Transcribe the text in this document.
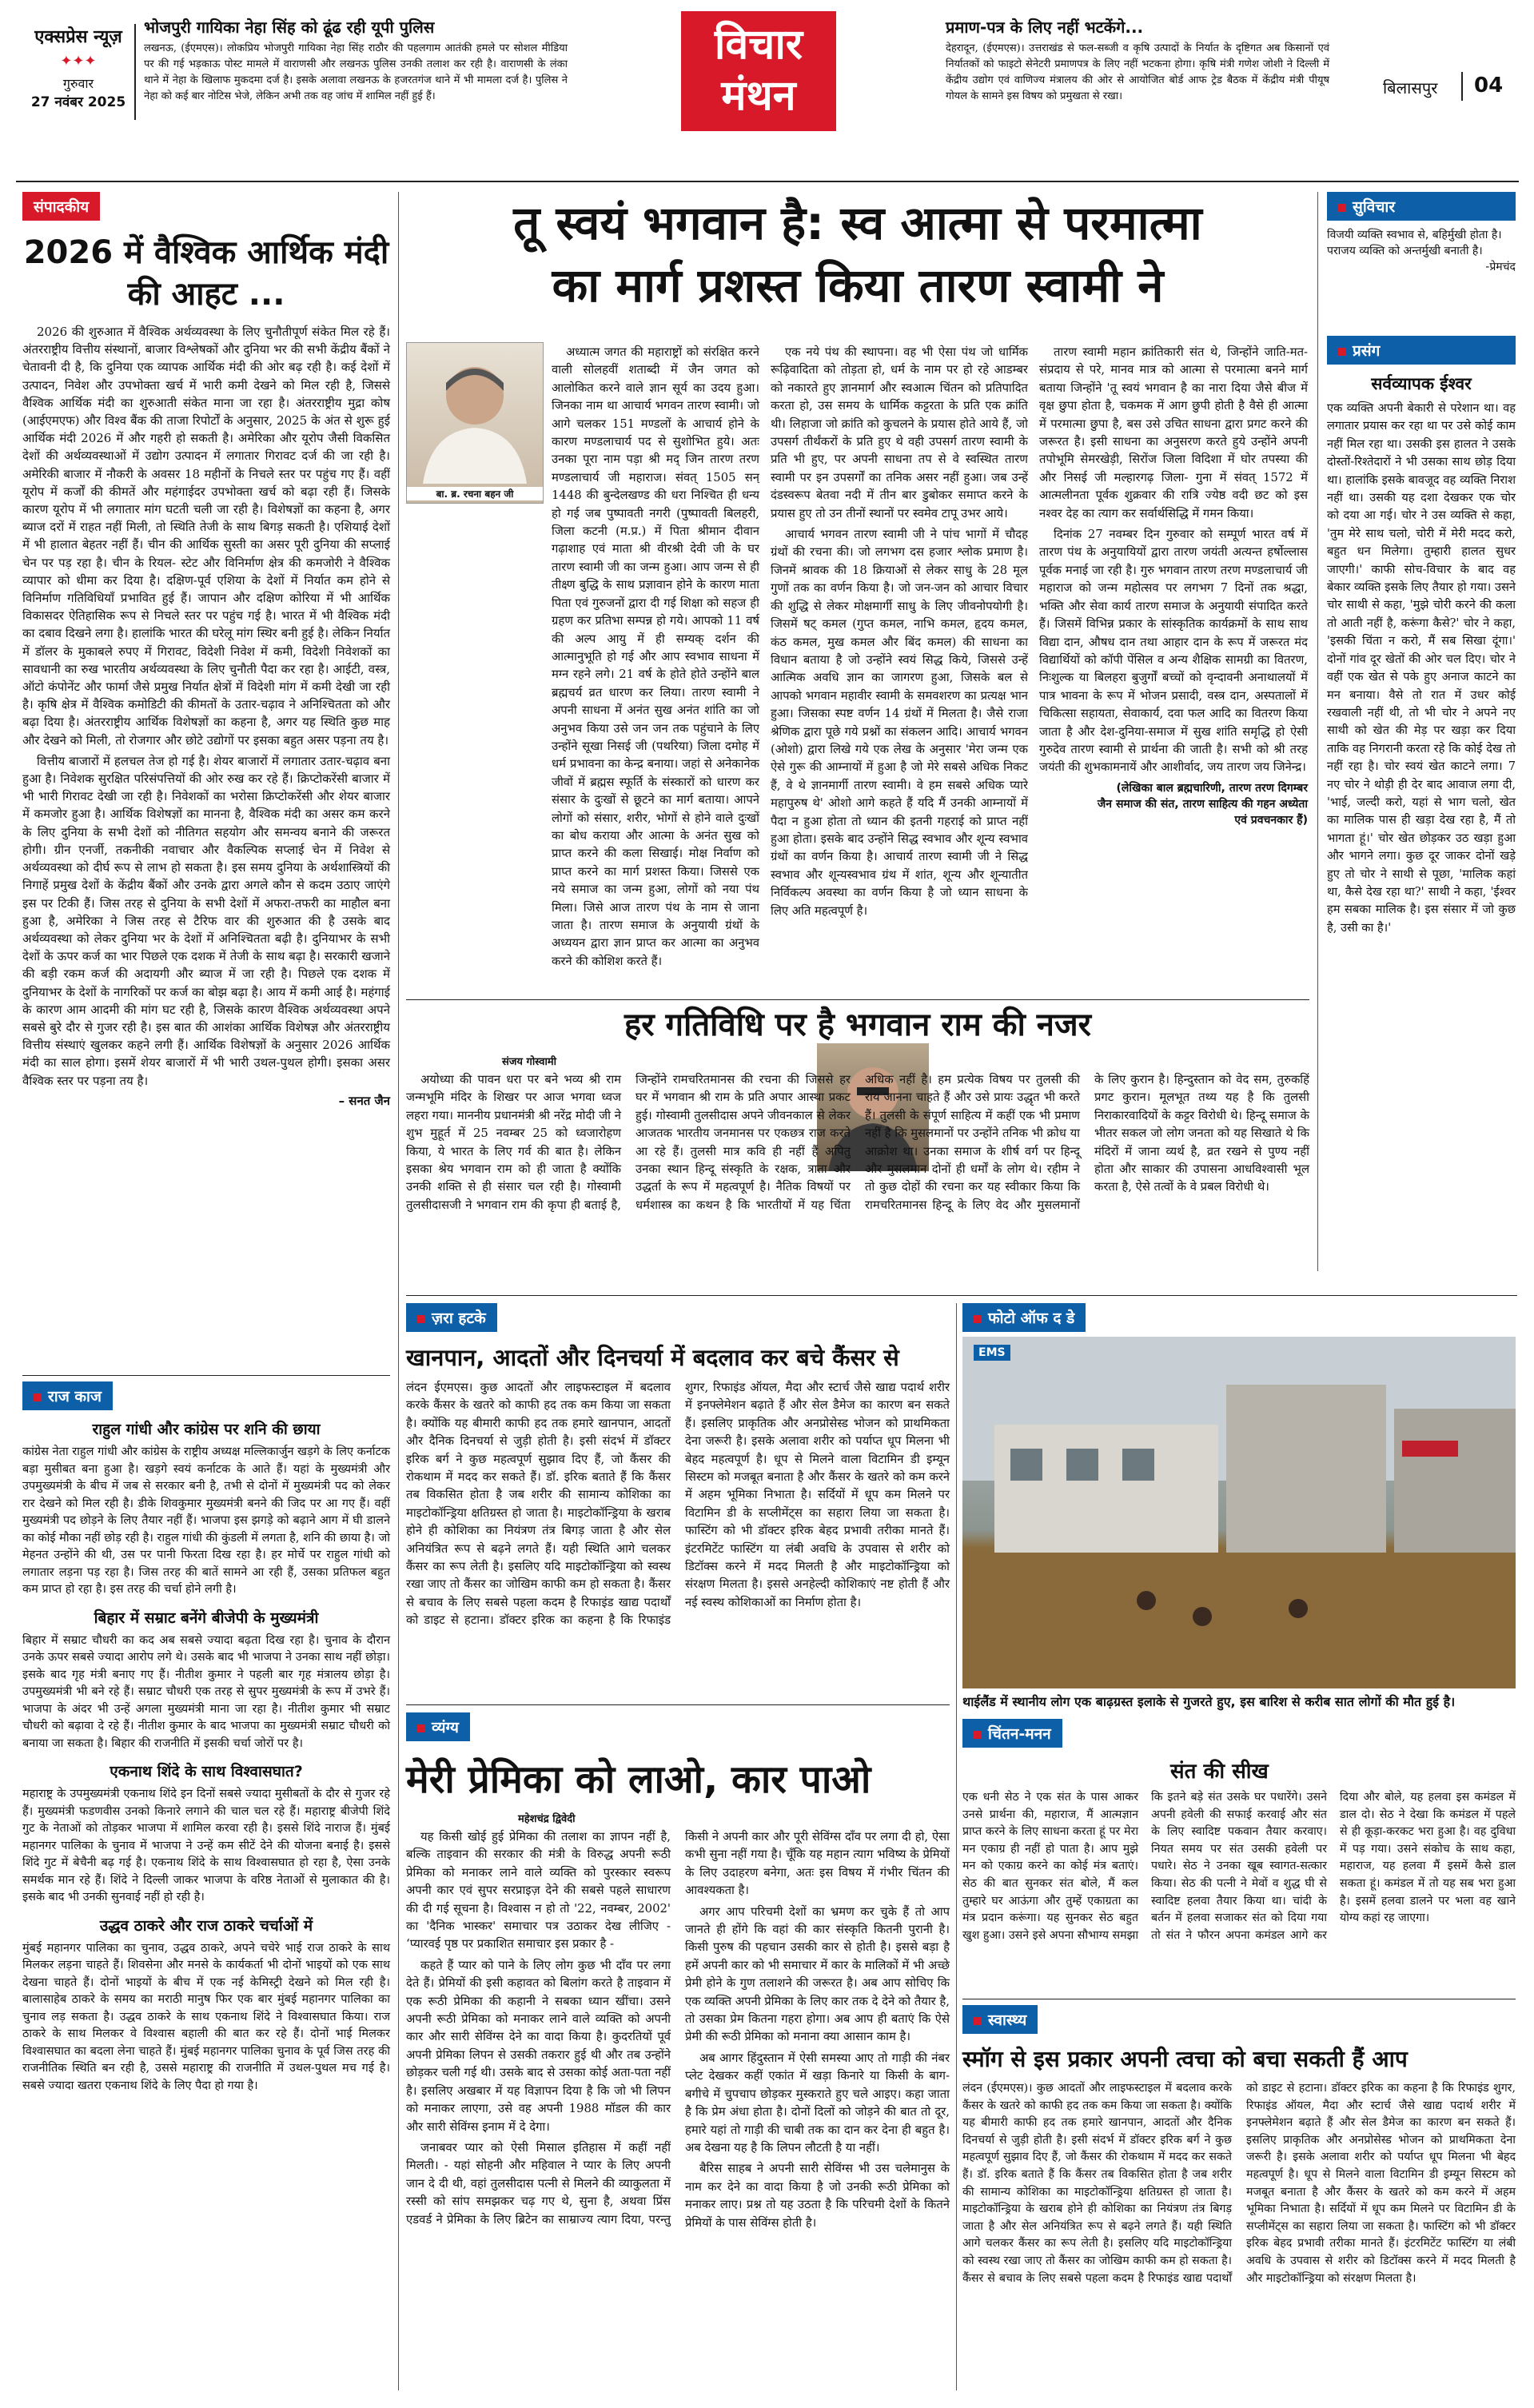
एक्सप्रेस न्यूज़
✦✦✦
गुरुवार
27 नवंबर 2025
भोजपुरी गायिका नेहा सिंह को ढूंढ रही यूपी पुलिस
लखनऊ, (ईएमएस)। लोकप्रिय भोजपुरी गायिका नेहा सिंह राठौर की पहलगाम आतंकी हमले पर सोशल मीडिया पर की गई भड़काऊ पोस्ट मामले में वाराणसी और लखनऊ पुलिस उनकी तलाश कर रही है। वाराणसी के लंका थाने में नेहा के खिलाफ मुकदमा दर्ज है। इसके अलावा लखनऊ के हजरतगंज थाने में भी मामला दर्ज है। पुलिस ने नेहा को कई बार नोटिस भेजे, लेकिन अभी तक वह जांच में शामिल नहीं हुई हैं।
विचार मंथन
प्रमाण-पत्र के लिए नहीं भटकेंगे...
देहरादून, (ईएमएस)। उत्तराखंड से फल-सब्जी व कृषि उत्पादों के निर्यात के दृष्टिगत अब किसानों एवं निर्यातकों को फाइटो सेनेटरी प्रमाणपत्र के लिए नहीं भटकना होगा। कृषि मंत्री गणेश जोशी ने दिल्ली में केंद्रीय उद्योग एवं वाणिज्य मंत्रालय की ओर से आयोजित बोर्ड आफ ट्रेड बैठक में केंद्रीय मंत्री पीयूष गोयल के सामने इस विषय को प्रमुखता से रखा।	बिलासपुर 04
संपादकीय
2026 में वैश्विक आर्थिक मंदी की आहट ...

2026 की शुरुआत में वैश्विक अर्थव्यवस्था के लिए चुनौतीपूर्ण संकेत मिल रहे हैं। अंतरराष्ट्रीय वित्तीय संस्थानों, बाजार विश्लेषकों और दुनिया भर की सभी केंद्रीय बैंकों ने चेतावनी दी है, कि दुनिया एक व्यापक आर्थिक मंदी की ओर बढ़ रही है। कई देशों में उत्पादन, निवेश और उपभोक्ता खर्च में भारी कमी देखने को मिल रही है, जिससे वैश्विक आर्थिक मंदी का शुरुआती संकेत माना जा रहा है। अंतरराष्ट्रीय मुद्रा कोष (आईएमएफ) और विश्व बैंक की ताजा रिपोर्टों के अनुसार, 2025 के अंत से शुरू हुई आर्थिक मंदी 2026 में और गहरी हो सकती है। अमेरिका और यूरोप जैसी विकसित देशों की अर्थव्यवस्थाओं में उद्योग उत्पादन में लगातार गिरावट दर्ज की जा रही है। अमेरिकी बाजार में नौकरी के अवसर 18 महीनों के निचले स्तर पर पहुंच गए हैं। वहीं यूरोप में कर्जों की कीमतें और महंगाईदर उपभोक्ता खर्च को बढ़ा रही हैं। जिसके कारण यूरोप में भी लगातार मांग घटती चली जा रही है। विशेषज्ञों का कहना है, अगर ब्याज दरों में राहत नहीं मिली, तो स्थिति तेजी के साथ बिगड़ सकती है। एशियाई देशों में भी हालात बेहतर नहीं हैं। चीन की आर्थिक सुस्ती का असर पूरी दुनिया की सप्लाई चेन पर पड़ रहा है। चीन के रियल- स्टेट और विनिर्माण क्षेत्र की कमजोरी ने वैश्विक व्यापार को धीमा कर दिया है। दक्षिण-पूर्व एशिया के देशों में निर्यात कम होने से विनिर्माण गतिविधियाँ प्रभावित हुई हैं। जापान और दक्षिण कोरिया में भी आर्थिक विकासदर ऐतिहासिक रूप से निचले स्तर पर पहुंच गई है। भारत में भी वैश्विक मंदी का दबाव दिखने लगा है। हालांकि भारत की घरेलू मांग स्थिर बनी हुई है। लेकिन निर्यात में डॉलर के मुकाबले रुपए में गिरावट, विदेशी निवेश में कमी, विदेशी निवेशकों का सावधानी का रुख भारतीय अर्थव्यवस्था के लिए चुनौती पैदा कर रहा है। आईटी, वस्त्र, ऑटो कंपोनेंट और फार्मा जैसे प्रमुख निर्यात क्षेत्रों में विदेशी मांग में कमी देखी जा रही है। कृषि क्षेत्र में वैश्विक कमोडिटी की कीमतों के उतार-चढ़ाव ने अनिश्चितता को और बढ़ा दिया है। अंतरराष्ट्रीय आर्थिक विशेषज्ञों का कहना है, अगर यह स्थिति कुछ माह और देखने को मिली, तो रोजगार और छोटे उद्योगों पर इसका बहुत असर पड़ना तय है।

वित्तीय बाजारों में हलचल तेज हो गई है। शेयर बाजारों में लगातार उतार-चढ़ाव बना हुआ है। निवेशक सुरक्षित परिसंपत्तियों की ओर रुख कर रहे हैं। क्रिप्टोकरेंसी बाजार में भी भारी गिरावट देखी जा रही है। निवेशकों का भरोसा क्रिप्टोकरेंसी और शेयर बाजार में कमजोर हुआ है। आर्थिक विशेषज्ञों का मानना है, वैश्विक मंदी का असर कम करने के लिए दुनिया के सभी देशों को नीतिगत सहयोग और समन्वय बनाने की जरूरत होगी। ग्रीन एनर्जी, तकनीकी नवाचार और वैकल्पिक सप्लाई चेन में निवेश से अर्थव्यवस्था को दीर्घ रूप से लाभ हो सकता है। इस समय दुनिया के अर्थशास्त्रियों की निगाहें प्रमुख देशों के केंद्रीय बैंकों और उनके द्वारा अगले कौन से कदम उठाए जाएंगे इस पर टिकी हैं। जिस तरह से दुनिया के सभी देशों में अफरा-तफरी का माहौल बना हुआ है, अमेरिका ने जिस तरह से टैरिफ वार की शुरुआत की है उसके बाद अर्थव्यवस्था को लेकर दुनिया भर के देशों में अनिश्चितता बढ़ी है। दुनियाभर के सभी देशों के ऊपर कर्ज का भार पिछले एक दशक में तेजी के साथ बढ़ा है। सरकारी खजाने की बड़ी रकम कर्ज की अदायगी और ब्याज में जा रही है। पिछले एक दशक में दुनियाभर के देशों के नागरिकों पर कर्ज का बोझ बढ़ा है। आय में कमी आई है। महंगाई के कारण आम आदमी की मांग घट रही है, जिसके कारण वैश्विक अर्थव्यवस्था अपने सबसे बुरे दौर से गुजर रही है। इस बात की आशंका आर्थिक विशेषज्ञ और अंतरराष्ट्रीय वित्तीय संस्थाएं खुलकर कहने लगी हैं। आर्थिक विशेषज्ञों के अनुसार 2026 आर्थिक मंदी का साल होगा। इसमें शेयर बाजारों में भी भारी उथल-पुथल होगी। इसका असर वैश्विक स्तर पर पड़ना तय है।

– सनत जैन
राज काज
राहुल गांधी और कांग्रेस पर शनि की छाया
कांग्रेस नेता राहुल गांधी और कांग्रेस के राष्ट्रीय अध्यक्ष मल्लिकार्जुन खड़गे के लिए कर्नाटक बड़ा मुसीबत बना हुआ है। खड़गे स्वयं कर्नाटक के आते हैं। यहां के मुख्यमंत्री और उपमुख्यमंत्री के बीच में जब से सरकार बनी है, तभी से दोनों में मुख्यमंत्री पद को लेकर रार देखने को मिल रही है। डीके शिवकुमार मुख्यमंत्री बनने की जिद पर आ गए हैं। वहीं मुख्यमंत्री पद छोड़ने के लिए तैयार नहीं हैं। भाजपा इस झगड़े को बढ़ाने आग में घी डालने का कोई मौका नहीं छोड़ रही है। राहुल गांधी की कुंडली में लगता है, शनि की छाया है। जो मेहनत उन्होंने की थी, उस पर पानी फिरता दिख रहा है। हर मोर्चे पर राहुल गांधी को लगातार लड़ना पड़ रहा है। जिस तरह की बातें सामने आ रही हैं, उसका प्रतिफल बहुत कम प्राप्त हो रहा है। इस तरह की चर्चा होने लगी है।
बिहार में सम्राट बनेंगे बीजेपी के मुख्यमंत्री
बिहार में सम्राट चौधरी का कद अब सबसे ज्यादा बढ़ता दिख रहा है। चुनाव के दौरान उनके ऊपर सबसे ज्यादा आरोप लगे थे। उसके बाद भी भाजपा ने उनका साथ नहीं छोड़ा। इसके बाद गृह मंत्री बनाए गए हैं। नीतीश कुमार ने पहली बार गृह मंत्रालय छोड़ा है। उपमुख्यमंत्री भी बने रहे हैं। सम्राट चौधरी एक तरह से सुपर मुख्यमंत्री के रूप में उभरे हैं। भाजपा के अंदर भी उन्हें अगला मुख्यमंत्री माना जा रहा है। नीतीश कुमार भी सम्राट चौधरी को बढ़ावा दे रहे हैं। नीतीश कुमार के बाद भाजपा का मुख्यमंत्री सम्राट चौधरी को बनाया जा सकता है। बिहार की राजनीति में इसकी चर्चा जोरों पर है।
एकनाथ शिंदे के साथ विश्वासघात?
महाराष्ट्र के उपमुख्यमंत्री एकनाथ शिंदे इन दिनों सबसे ज्यादा मुसीबतों के दौर से गुजर रहे हैं। मुख्यमंत्री फडणवीस उनको किनारे लगाने की चाल चल रहे हैं। महाराष्ट्र बीजेपी शिंदे गुट के नेताओं को तोड़कर भाजपा में शामिल करवा रही है। इससे शिंदे नाराज हैं। मुंबई महानगर पालिका के चुनाव में भाजपा ने उन्हें कम सीटें देने की योजना बनाई है। इससे शिंदे गुट में बेचैनी बढ़ गई है। एकनाथ शिंदे के साथ विश्वासघात हो रहा है, ऐसा उनके समर्थक मान रहे हैं। शिंदे ने दिल्ली जाकर भाजपा के वरिष्ठ नेताओं से मुलाकात की है। इसके बाद भी उनकी सुनवाई नहीं हो रही है।
उद्धव ठाकरे और राज ठाकरे चर्चाओं में
मुंबई महानगर पालिका का चुनाव, उद्धव ठाकरे, अपने चचेरे भाई राज ठाकरे के साथ मिलकर लड़ना चाहते हैं। शिवसेना और मनसे के कार्यकर्ता भी दोनों भाइयों को एक साथ देखना चाहते हैं। दोनों भाइयों के बीच में एक नई केमिस्ट्री देखने को मिल रही है। बालासाहेब ठाकरे के समय का मराठी मानुष फिर एक बार मुंबई महानगर पालिका का चुनाव लड़ सकता है। उद्धव ठाकरे के साथ एकनाथ शिंदे ने विश्वासघात किया। राज ठाकरे के साथ मिलकर वे विश्वास बहाली की बात कर रहे हैं। दोनों भाई मिलकर विश्वासघात का बदला लेना चाहते हैं। मुंबई महानगर पालिका चुनाव के पूर्व जिस तरह की राजनीतिक स्थिति बन रही है, उससे महाराष्ट्र की राजनीति में उथल-पुथल मच गई है। सबसे ज्यादा खतरा एकनाथ शिंदे के लिए पैदा हो गया है।
तू स्वयं भगवान है: स्व आत्मा से परमात्मा
का मार्ग प्रशस्त किया तारण स्वामी ने
बा. ब्र. रचना बहन जी

अध्यात्म जगत की महाराष्ट्रों को संरक्षित करने वाली सोलहवीं शताब्दी में जैन जगत को आलोकित करने वाले ज्ञान सूर्य का उदय हुआ। जिनका नाम था आचार्य भगवन तारण स्वामी। जो आगे चलकर 151 मण्डलों के आचार्य होने के कारण मण्डलाचार्य पद से सुशोभित हुये। अतः उनका पूरा नाम पड़ा श्री मद् जिन तारण तरण मण्डलाचार्य जी महाराज। संवत् 1505 सन् 1448 की बुन्देलखण्ड की धरा निश्चित ही धन्य हो गई जब पुष्पावती नगरी (पुष्पावती बिलहरी, जिला कटनी (म.प्र.) में पिता श्रीमान दीवान गढ़ाशाह एवं माता श्री वीरश्री देवी जी के घर तारण स्वामी जी का जन्म हुआ। आप जन्म से ही तीक्ष्ण बुद्धि के साथ प्रज्ञावान होने के कारण माता पिता एवं गुरुजनों द्वारा दी गई शिक्षा को सहज ही ग्रहण कर प्रतिभा सम्पन्न हो गये। आपको 11 वर्ष की अल्प आयु में ही सम्यक् दर्शन की आत्मानुभूति हो गई और आप स्वभाव साधना में मग्न रहने लगे। 21 वर्ष के होते होते उन्होंने बाल ब्रह्मचर्य व्रत धारण कर लिया। तारण स्वामी ने अपनी साधना में अनंत सुख अनंत शांति का जो अनुभव किया उसे जन जन तक पहुंचाने के लिए उन्होंने सूखा निसई जी (पथरिया) जिला दमोह में धर्म प्रभावना का केन्द्र बनाया। जहां से अनेकानेक जीवों में ब्रह्मस स्फूर्ति के संस्कारों को धारण कर संसार के दुःखों से छूटने का मार्ग बताया। आपने लोगों को संसार, शरीर, भोगों से होने वाले दुःखों का बोध कराया और आत्मा के अनंत सुख को प्राप्त करने की कला सिखाई। मोक्ष निर्वाण को प्राप्त करने का मार्ग प्रशस्त किया। जिससे एक नये समाज का जन्म हुआ, लोगों को नया पंथ मिला। जिसे आज तारण पंथ के नाम से जाना जाता है। तारण समाज के अनुयायी ग्रंथों के अध्ययन द्वारा ज्ञान प्राप्त कर आत्मा का अनुभव करने की कोशिश करते हैं।

एक नये पंथ की स्थापना। वह भी ऐसा पंथ जो धार्मिक रूढ़िवादिता को तोड़ता हो, धर्म के नाम पर हो रहे आडम्बर को नकारते हुए ज्ञानमार्ग और स्वआत्म चिंतन को प्रतिपादित करता हो, उस समय के धार्मिक कट्टरता के प्रति एक क्रांति थी। लिहाजा जो क्रांति को कुचलने के प्रयास होते आये हैं, जो उपसर्ग तीर्थंकरों के प्रति हुए थे वही उपसर्ग तारण स्वामी के प्रति भी हुए, पर अपनी साधना तप से वे स्वस्थित तारण स्वामी पर इन उपसर्गों का तनिक असर नहीं हुआ। जब उन्हें दंडस्वरूप बेतवा नदी में तीन बार डुबोकर समाप्त करने के प्रयास हुए तो उन तीनों स्थानों पर स्वमेव टापू उभर आये।

आचार्य भगवन तारण स्वामी जी ने पांच भागों में चौदह ग्रंथों की रचना की। जो लगभग दस हजार श्लोक प्रमाण है। जिनमें श्रावक की 18 क्रियाओं से लेकर साधु के 28 मूल गुणों तक का वर्णन किया है। जो जन-जन को आचार विचार की शुद्धि से लेकर मोक्षमार्गी साधु के लिए जीवनोपयोगी है। जिसमें षट् कमल (गुप्त कमल, नाभि कमल, हृदय कमल, कंठ कमल, मुख कमल और बिंद कमल) की साधना का विधान बताया है जो उन्होंने स्वयं सिद्ध किये, जिससे उन्हें आत्मिक अवधि ज्ञान का जागरण हुआ, जिसके बल से आपको भगवान महावीर स्वामी के समवशरण का प्रत्यक्ष भान हुआ। जिसका स्पष्ट वर्णन 14 ग्रंथों में मिलता है। जैसे राजा श्रेणिक द्वारा पूछे गये प्रश्नों का संकलन आदि। आचार्य भगवन (ओशो) द्वारा लिखे गये एक लेख के अनुसार 'मेरा जन्म एक ऐसे गुरू की आम्नायों में हुआ है जो मेरे सबसे अधिक निकट हैं, वे थे ज्ञानमार्गी तारण स्वामी। वे हम सबसे अधिक प्यारे महापुरुष थे' ओशो आगे कहते हैं यदि मैं उनकी आम्नायों में पैदा न हुआ होता तो ध्यान की इतनी गहराई को प्राप्त नहीं हुआ होता। इसके बाद उन्होंने सिद्ध स्वभाव और शून्य स्वभाव ग्रंथों का वर्णन किया है। आचार्य तारण स्वामी जी ने सिद्ध स्वभाव और शून्यस्वभाव ग्रंथ में शांत, शून्य और शून्यातीत निर्विकल्प अवस्था का वर्णन किया है जो ध्यान साधना के लिए अति महत्वपूर्ण है।

तारण स्वामी महान क्रांतिकारी संत थे, जिन्होंने जाति-मत-संप्रदाय से परे, मानव मात्र को आत्मा से परमात्मा बनने मार्ग बताया जिन्होंने 'तू स्वयं भगवान है का नारा दिया जैसे बीज में वृक्ष छुपा होता है, चकमक में आग छुपी होती है वैसे ही आत्मा में परमात्मा छुपा है, बस उसे उचित साधना द्वारा प्रगट करने की जरूरत है। इसी साधना का अनुसरण करते हुये उन्होंने अपनी तपोभूमि सेमरखेड़ी, सिरोंज जिला विदिशा में घोर तपस्या की और निसई जी मल्हारगढ़ जिला- गुना में संवत् 1572 में आत्मलीनता पूर्वक शुक्रवार की रात्रि ज्येष्ठ वदी छट को इस नश्वर देह का त्याग कर सर्वार्थसिद्धि में गमन किया।

दिनांक 27 नवम्बर दिन गुरुवार को सम्पूर्ण भारत वर्ष में तारण पंथ के अनुयायियों द्वारा तारण जयंती अत्यन्त हर्षोल्लास पूर्वक मनाई जा रही है। गुरु भगवान तारण तरण मण्डलाचार्य जी महाराज को जन्म महोत्सव पर लगभग 7 दिनों तक श्रद्धा, भक्ति और सेवा कार्य तारण समाज के अनुयायी संपादित करते हैं। जिसमें विभिन्न प्रकार के सांस्कृतिक कार्यक्रमों के साथ साथ विद्या दान, औषध दान तथा आहार दान के रूप में जरूरत मंद विद्यार्थियों को कॉपी पेंसिल व अन्य शैक्षिक सामग्री का वितरण, निःशुल्क या बिलहरा बुजुर्गों बच्चों को वृन्दावनी अनाथालयों में पात्र भावना के रूप में भोजन प्रसादी, वस्त्र दान, अस्पतालों में चिकित्सा सहायता, सेवाकार्य, दवा फल आदि का वितरण किया जाता है और देश-दुनिया-समाज में सुख शांति समृद्धि हो ऐसी गुरुदेव तारण स्वामी से प्रार्थना की जाती है। सभी को श्री तरह जयंती की शुभकामनायें और आशीर्वाद, जय तारण जय जिनेन्द्र।

(लेखिका बाल ब्रह्मचारिणी, तारण तरण दिगम्बर
जैन समाज की संत, तारण साहित्य की गहन अध्येता
एवं प्रवचनकार हैं)
सुविचार
विजयी व्यक्ति स्वभाव से, बहिर्मुखी होता है। पराजय व्यक्ति को अन्तर्मुखी बनाती है।
-प्रेमचंद
प्रसंग
सर्वव्यापक ईश्वर
एक व्यक्ति अपनी बेकारी से परेशान था। वह लगातार प्रयास कर रहा था पर उसे कोई काम नहीं मिल रहा था। उसकी इस हालत ने उसके दोस्तों-रिश्तेदारों ने भी उसका साथ छोड़ दिया था। हालांकि इसके बावजूद वह व्यक्ति निराश नहीं था। उसकी यह दशा देखकर एक चोर को दया आ गई। चोर ने उस व्यक्ति से कहा, 'तुम मेरे साथ चलो, चोरी में मेरी मदद करो, बहुत धन मिलेगा। तुम्हारी हालत सुधर जाएगी।' काफी सोच-विचार के बाद वह बेकार व्यक्ति इसके लिए तैयार हो गया। उसने चोर साथी से कहा, 'मुझे चोरी करने की कला तो आती नहीं है, करूंगा कैसे?' चोर ने कहा, 'इसकी चिंता न करो, मैं सब सिखा दूंगा।' दोनों गांव दूर खेतों की ओर चल दिए। चोर ने वहीं एक खेत से पके हुए अनाज काटने का मन बनाया। वैसे तो रात में उधर कोई रखवाली नहीं थी, तो भी चोर ने अपने नए साथी को खेत की मेड़ पर खड़ा कर दिया ताकि वह निगरानी करता रहे कि कोई देख तो नहीं रहा है। चोर स्वयं खेत काटने लगा। 7 नए चोर ने थोड़ी ही देर बाद आवाज लगा दी, 'भाई, जल्दी करो, यहां से भाग चलो, खेत का मालिक पास ही खड़ा देख रहा है, मैं तो भागता हूं।' चोर खेत छोड़कर उठ खड़ा हुआ और भागने लगा। कुछ दूर जाकर दोनों खड़े हुए तो चोर ने साथी से पूछा, 'मालिक कहां था, कैसे देख रहा था?' साथी ने कहा, 'ईश्वर हम सबका मालिक है। इस संसार में जो कुछ है, उसी का है।'
हर गतिविधि पर है भगवान राम की नजर
संजय गोस्वामी

अयोध्या की पावन धरा पर बने भव्य श्री राम जन्मभूमि मंदिर के शिखर पर आज भगवा ध्वज लहरा गया। माननीय प्रधानमंत्री श्री नरेंद्र मोदी जी ने शुभ मुहूर्त में 25 नवम्बर 25 को ध्वजारोहण किया, ये भारत के लिए गर्व की बात है। लेकिन इसका श्रेय भगवान राम को ही जाता है क्योंकि उनकी शक्ति से ही संसार चल रही है। गोस्वामी तुलसीदासजी ने भगवान राम की कृपा ही बताई है, जिन्होंने रामचरितमानस की रचना की जिससे हर घर में भगवान श्री राम के प्रति अपार आस्था प्रकट हुई। गोस्वामी तुलसीदास अपने जीवनकाल से लेकर आजतक भारतीय जनमानस पर एकछत्र राज करते आ रहे हैं। तुलसी मात्र कवि ही नहीं हैं अपितु उनका स्थान हिन्दू संस्कृति के रक्षक, त्राता और उद्धर्ता के रूप में महत्वपूर्ण है। नैतिक विषयों पर धर्मशास्त्र का कथन है कि भारतीयों में यह चिंता अधिक नहीं है। हम प्रत्येक विषय पर तुलसी की राय जानना चाहते हैं और उसे प्रायः उद्धृत भी करते हैं। तुलसी के संपूर्ण साहित्य में कहीं एक भी प्रमाण नहीं है कि मुसलमानों पर उन्होंने तनिक भी क्रोध या आक्रोश था। उनका समाज के शीर्ष वर्ग पर हिन्दू और मुसलमान दोनों ही धर्मों के लोग थे। रहीम ने तो कुछ दोहों की रचना कर यह स्वीकार किया कि रामचरितमानस हिन्दू के लिए वेद और मुसलमानों के लिए कुरान है। हिन्दुस्तान को वेद सम, तुरुकहिं प्रगट कुरान। मूलभूत तथ्य यह है कि तुलसी निराकारवादियों के कट्टर विरोधी थे। हिन्दू समाज के भीतर सकल जो लोग जनता को यह सिखाते थे कि मंदिरों में जाना व्यर्थ है, व्रत रखने से पुण्य नहीं होता और साकार की उपासना आधविश्वासी भूल करता है, ऐसे तत्वों के वे प्रबल विरोधी थे।

ज़रा हटके
खानपान, आदतों और दिनचर्या में बदलाव कर बचे कैंसर से
लंदन ईएमएस। कुछ आदतों और लाइफस्टाइल में बदलाव करके कैंसर के खतरे को काफी हद तक कम किया जा सकता है। क्योंकि यह बीमारी काफी हद तक हमारे खानपान, आदतों और दैनिक दिनचर्या से जुड़ी होती है। इसी संदर्भ में डॉक्टर इरिक बर्ग ने कुछ महत्वपूर्ण सुझाव दिए हैं, जो कैंसर की रोकथाम में मदद कर सकते हैं। डॉ. इरिक बताते हैं कि कैंसर तब विकसित होता है जब शरीर की सामान्य कोशिका का माइटोकॉन्ड्रिया क्षतिग्रस्त हो जाता है। माइटोकॉन्ड्रिया के खराब होने ही कोशिका का नियंत्रण तंत्र बिगड़ जाता है और सेल अनियंत्रित रूप से बढ़ने लगते हैं। यही स्थिति आगे चलकर कैंसर का रूप लेती है। इसलिए यदि माइटोकॉन्ड्रिया को स्वस्थ रखा जाए तो कैंसर का जोखिम काफी कम हो सकता है। कैंसर से बचाव के लिए सबसे पहला कदम है रिफाइंड खाद्य पदार्थों को डाइट से हटाना। डॉक्टर इरिक का कहना है कि रिफाइंड शुगर, रिफाइंड ऑयल, मैदा और स्टार्च जैसे खाद्य पदार्थ शरीर में इनफ्लेमेशन बढ़ाते हैं और सेल डैमेज का कारण बन सकते हैं। इसलिए प्राकृतिक और अनप्रोसेस्ड भोजन को प्राथमिकता देना जरूरी है। इसके अलावा शरीर को पर्याप्त धूप मिलना भी बेहद महत्वपूर्ण है। धूप से मिलने वाला विटामिन डी इम्यून सिस्टम को मजबूत बनाता है और कैंसर के खतरे को कम करने में अहम भूमिका निभाता है। सर्दियों में धूप कम मिलने पर विटामिन डी के सप्लीमेंट्स का सहारा लिया जा सकता है। फास्टिंग को भी डॉक्टर इरिक बेहद प्रभावी तरीका मानते हैं। इंटरमिटेंट फास्टिंग या लंबी अवधि के उपवास से शरीर को डिटॉक्स करने में मदद मिलती है और माइटोकॉन्ड्रिया को संरक्षण मिलता है। इससे अनहेल्दी कोशिकाएं नष्ट होती हैं और नई स्वस्थ कोशिकाओं का निर्माण होता है।
फोटो ऑफ द डे
EMS
थाईलैंड में स्थानीय लोग एक बाढ़ग्रस्त इलाके से गुजरते हुए, इस बारिश से करीब सात लोगों की मौत हुई है।
व्यंग्य
मेरी प्रेमिका को लाओ, कार पाओ
महेशचंद्र द्विवेदी

यह किसी खोई हुई प्रेमिका की तलाश का ज्ञापन नहीं है, बल्कि ताइवान की सरकार की मंत्री के विरुद्ध अपनी रूठी प्रेमिका को मनाकर लाने वाले व्यक्ति को पुरस्कार स्वरूप अपनी कार एवं सुपर सरप्राइज़ देने की सबसे पहले साधारण की दी गई सूचना है। विश्वास न हो तो '22, नवम्बर, 2002' का 'दैनिक भास्कर' समाचार पत्र उठाकर देख लीजिए - ‘प्यारवई पृष्ठ पर प्रकाशित समाचार इस प्रकार है -

कहते हैं प्यार को पाने के लिए लोग कुछ भी दाँव पर लगा देते हैं। प्रेमियों की इसी कहावत को बिलांग करते है ताइवान में एक रूठी प्रेमिका की कहानी ने सबका ध्यान खींचा। उसने अपनी रूठी प्रेमिका को मनाकर लाने वाले व्यक्ति को अपनी कार और सारी सेविंग्स देने का वादा किया है। कुदरतियों पूर्व अपनी प्रेमिका लिपन से उसकी तकरार हुई थी और तब उन्होंने छोड़कर चली गई थी। उसके बाद से उसका कोई अता-पता नहीं है। इसलिए अखबार में यह विज्ञापन दिया है कि जो भी लिपन को मनाकर लाएगा, उसे वह अपनी 1988 मॉडल की कार और सारी सेविंग्स इनाम में दे देगा।

जनाबवर प्यार को ऐसी मिसाल इतिहास में कहीं नहीं मिलती। - यहां सोहनी और महिवाल ने प्यार के लिए अपनी जान दे दी थी, वहां तुलसीदास पत्नी से मिलने की व्याकुलता में रस्सी को सांप समझकर चढ़ गए थे, सुना है, अथवा प्रिंस एडवर्ड ने प्रेमिका के लिए ब्रिटेन का साम्राज्य त्याग दिया, परन्तु किसी ने अपनी कार और पूरी सेविंग्स दाँव पर लगा दी हो, ऐसा कभी सुना नहीं गया है। चूँकि यह महान त्याग भविष्य के प्रेमियों के लिए उदाहरण बनेगा, अतः इस विषय में गंभीर चिंतन की आवश्यकता है।

अगर आप परिचमी देशों का भ्रमण कर चुके हैं तो आप जानते ही होंगे कि वहां की कार संस्कृति कितनी पुरानी है। किसी पुरुष की पहचान उसकी कार से होती है। इससे बड़ा है हमें अपनी कार को भी समाचार में कार के मालिकों में भी अच्छे प्रेमी होने के गुण तलाशने की जरूरत है। अब आप सोचिए कि एक व्यक्ति अपनी प्रेमिका के लिए कार तक दे देने को तैयार है, तो उसका प्रेम कितना गहरा होगा। अब आप ही बताएं कि ऐसे प्रेमी की रूठी प्रेमिका को मनाना क्या आसान काम है।

अब आगर हिंदुस्तान में ऐसी समस्या आए तो गाड़ी की नंबर प्लेट देखकर कहीं एकांत में खड़ा किनारे या किसी के बाग-बगीचे में चुपचाप छोड़कर मुस्कराते हुए चले आइए। कहा जाता है कि प्रेम अंधा होता है। दोनों दिलों को जोड़ने की बात तो दूर, हमारे यहां तो गाड़ी की चाबी तक का दान कर देना ही बहुत है। अब देखना यह है कि लिपन लौटती है या नहीं।

बैरिस साहब ने अपनी सारी सेविंग्स भी उस चलेमानुस के नाम कर देने का वादा किया है जो उनकी रूठी प्रेमिका को मनाकर लाए। प्रश्न तो यह उठता है कि परिचमी देशों के कितने प्रेमियों के पास सेविंग्स होती है।

चिंतन-मनन
संत की सीख
एक धनी सेठ ने एक संत के पास आकर उनसे प्रार्थना की, महाराज, मैं आत्मज्ञान प्राप्त करने के लिए साधना करता हूं पर मेरा मन एकाग्र ही नहीं हो पाता है। आप मुझे मन को एकाग्र करने का कोई मंत्र बताएं। सेठ की बात सुनकर संत बोले, मैं कल तुम्हारे घर आऊंगा और तुम्हें एकाग्रता का मंत्र प्रदान करूंगा। यह सुनकर सेठ बहुत खुश हुआ। उसने इसे अपना सौभाग्य समझा कि इतने बड़े संत उसके घर पधारेंगे। उसने अपनी हवेली की सफाई करवाई और संत के लिए स्वादिष्ट पकवान तैयार करवाए। नियत समय पर संत उसकी हवेली पर पधारे। सेठ ने उनका खूब स्वागत-सत्कार किया। सेठ की पत्नी ने मेवों व शुद्ध घी से स्वादिष्ट हलवा तैयार किया था। चांदी के बर्तन में हलवा सजाकर संत को दिया गया तो संत ने फौरन अपना कमंडल आगे कर दिया और बोले, यह हलवा इस कमंडल में डाल दो। सेठ ने देखा कि कमंडल में पहले से ही कूड़ा-करकट भरा हुआ है। वह दुविधा में पड़ गया। उसने संकोच के साथ कहा, महाराज, यह हलवा मैं इसमें कैसे डाल सकता हूं। कमंडल में तो यह सब भरा हुआ है। इसमें हलवा डालने पर भला वह खाने योग्य कहां रह जाएगा।
स्वास्थ्य
स्मॉग से इस प्रकार अपनी त्वचा को बचा सकती हैं आप
लंदन (ईएमएस)। कुछ आदतों और लाइफस्टाइल में बदलाव करके कैंसर के खतरे को काफी हद तक कम किया जा सकता है। क्योंकि यह बीमारी काफी हद तक हमारे खानपान, आदतों और दैनिक दिनचर्या से जुड़ी होती है। इसी संदर्भ में डॉक्टर इरिक बर्ग ने कुछ महत्वपूर्ण सुझाव दिए हैं, जो कैंसर की रोकथाम में मदद कर सकते हैं। डॉ. इरिक बताते हैं कि कैंसर तब विकसित होता है जब शरीर की सामान्य कोशिका का माइटोकॉन्ड्रिया क्षतिग्रस्त हो जाता है। माइटोकॉन्ड्रिया के खराब होने ही कोशिका का नियंत्रण तंत्र बिगड़ जाता है और सेल अनियंत्रित रूप से बढ़ने लगते हैं। यही स्थिति आगे चलकर कैंसर का रूप लेती है। इसलिए यदि माइटोकॉन्ड्रिया को स्वस्थ रखा जाए तो कैंसर का जोखिम काफी कम हो सकता है। कैंसर से बचाव के लिए सबसे पहला कदम है रिफाइंड खाद्य पदार्थों को डाइट से हटाना। डॉक्टर इरिक का कहना है कि रिफाइंड शुगर, रिफाइंड ऑयल, मैदा और स्टार्च जैसे खाद्य पदार्थ शरीर में इनफ्लेमेशन बढ़ाते हैं और सेल डैमेज का कारण बन सकते हैं। इसलिए प्राकृतिक और अनप्रोसेस्ड भोजन को प्राथमिकता देना जरूरी है। इसके अलावा शरीर को पर्याप्त धूप मिलना भी बेहद महत्वपूर्ण है। धूप से मिलने वाला विटामिन डी इम्यून सिस्टम को मजबूत बनाता है और कैंसर के खतरे को कम करने में अहम भूमिका निभाता है। सर्दियों में धूप कम मिलने पर विटामिन डी के सप्लीमेंट्स का सहारा लिया जा सकता है। फास्टिंग को भी डॉक्टर इरिक बेहद प्रभावी तरीका मानते हैं। इंटरमिटेंट फास्टिंग या लंबी अवधि के उपवास से शरीर को डिटॉक्स करने में मदद मिलती है और माइटोकॉन्ड्रिया को संरक्षण मिलता है।
